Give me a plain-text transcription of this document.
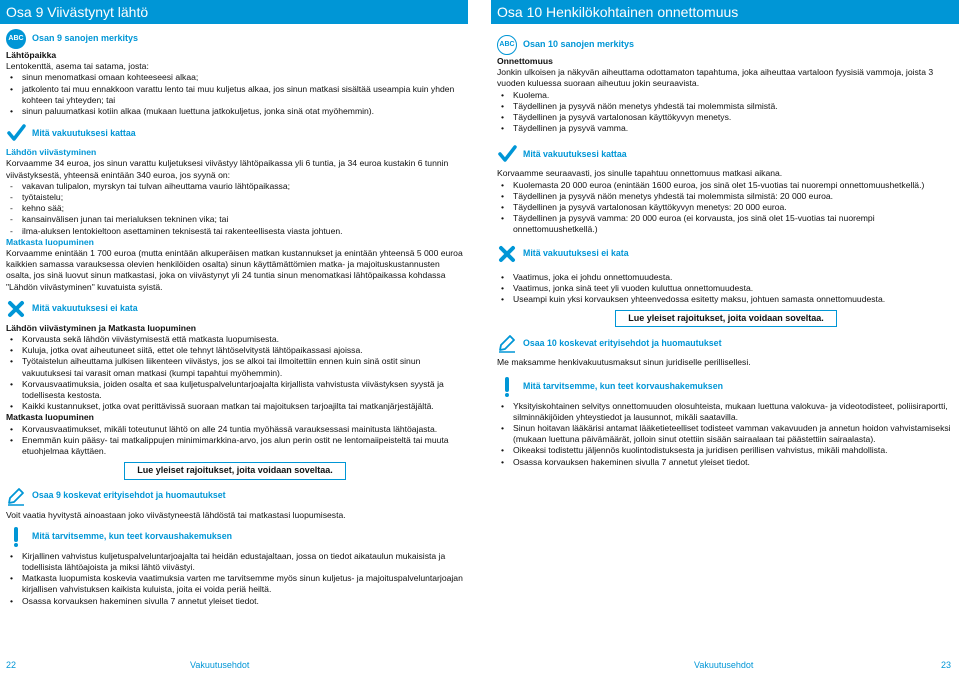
Osa 9 Viivästynyt lähtö
ABC Osan 9 sanojen merkitys
Lähtöpaikka

Lentokenttä, asema tai satama, josta:

• sinun menomatkasi omaan kohteeseesi alkaa;
• jatkolento tai muu ennakkoon varattu lento tai muu kuljetus alkaa, jos sinun matkasi sisältää useampia kuin yhden kohteen tai yhteyden; tai
• sinun paluumatkasi kotiin alkaa (mukaan luettuna jatkokuljetus, jonka sinä otat myöhemmin).
Mitä vakuutuksesi kattaa
Lähdön viivästyminen

Korvaamme 34 euroa, jos sinun varattu kuljetuksesi viivästyy lähtöpaikassa yli 6 tuntia, ja 34 euroa kustakin 6 tunnin viivästyksestä, yhteensä enintään 340 euroa, jos syynä on:

- vakavan tulipalon, myrskyn tai tulvan aiheuttama vaurio lähtöpaikassa;
- työtaistelu;
- kehno sää;
- kansainvälisen junan tai merialuksen tekninen vika; tai
- ilma-aluksen lentokieltoon asettaminen teknisestä tai rakenteellisesta viasta johtuen.
Matkasta luopuminen

Korvaamme enintään 1 700 euroa (mutta enintään alkuperäisen matkan kustannukset ja enintään yhteensä 5 000 euroa kaikkien samassa varauksessa olevien henkilöiden osalta) sinun käyttämättömien matka- ja majoituskustannusten osalta, jos sinä luovut sinun matkastasi, joka on viivästynyt yli 24 tuntia sinun menomatkasi lähtöpaikassa kohdassa "Lähdön viivästyminen" kuvatuista syistä.

Mitä vakuutuksesi ei kata
Lähdön viivästyminen ja Matkasta luopuminen
• Korvausta sekä lähdön viivästymisestä että matkasta luopumisesta.
• Kuluja, jotka ovat aiheutuneet siitä, ettet ole tehnyt lähtöselvitystä lähtöpaikassasi ajoissa.
• Työtaistelun aiheuttama julkisen liikenteen viivästys, jos se alkoi tai ilmoitettiin ennen kuin sinä ostit sinun vakuutuksesi tai varasit oman matkasi (kumpi tapahtui myöhemmin).
• Korvausvaatimuksia, joiden osalta et saa kuljetuspalveluntarjoajalta kirjallista vahvistusta viivästyksen syystä ja todellisesta kestosta.
• Kaikki kustannukset, jotka ovat perittävissä suoraan matkan tai majoituksen tarjoajilta tai matkanjärjestäjältä.
Matkasta luopuminen
• Korvausvaatimukset, mikäli toteutunut lähtö on alle 24 tuntia myöhässä varauksessasi mainitusta lähtöajasta.
• Enemmän kuin pääsy- tai matkalippujen minimimarkkina-arvo, jos alun perin ostit ne lentomaiipeisteltä tai muuta etuohjelmaa käyttäen.
Lue yleiset rajoitukset, joita voidaan soveltaa.
Osaa 9 koskevat erityisehdot ja huomautukset

Voit vaatia hyvitystä ainoastaan joko viivästyneestä lähdöstä tai matkastasi luopumisesta.

Mitä tarvitsemme, kun teet korvaushakemuksen
• Kirjallinen vahvistus kuljetuspalveluntarjoajalta tai heidän edustajaltaan, jossa on tiedot aikataulun mukaisista ja todellisista lähtöajoista ja miksi lähtö viivästyi.
• Matkasta luopumista koskevia vaatimuksia varten me tarvitsemme myös sinun kuljetus- ja majoituspalveluntarjoajan kirjallisen vahvistuksen kaikista kuluista, joita ei voida periä heiltä.
• Osassa korvauksen hakeminen sivulla 7 annetut yleiset tiedot.
22	Vakuutusehdot
Osa 10 Henkilökohtainen onnettomuus
ABC Osan 10 sanojen merkitys
Onnettomuus

Jonkin ulkoisen ja näkyvän aiheuttama odottamaton tapahtuma, joka aiheuttaa vartaloon fyysisiä vammoja, joista 3 vuoden kuluessa suoraan aiheutuu jokin seuraavista.

• Kuolema.
• Täydellinen ja pysyvä näön menetys yhdestä tai molemmista silmistä.
• Täydellinen ja pysyvä vartalonosan käyttökyvyn menetys.
• Täydellinen ja pysyvä vamma.
Mitä vakuutuksesi kattaa

Korvaamme seuraavasti, jos sinulle tapahtuu onnettomuus matkasi aikana.

• Kuolemasta 20 000 euroa (enintään 1600 euroa, jos sinä olet 15-vuotias tai nuorempi onnettomuushetkellä.)
• Täydellinen ja pysyvä näön menetys yhdestä tai molemmista silmistä: 20 000 euroa.
• Täydellinen ja pysyvä vartalonosan käyttökyvyn menetys: 20 000 euroa.
• Täydellinen ja pysyvä vamma: 20 000 euroa (ei korvausta, jos sinä olet 15-vuotias tai nuorempi onnettomuushetkellä.)
Mitä vakuutuksesi ei kata
• Vaatimus, joka ei johdu onnettomuudesta.
• Vaatimus, jonka sinä teet yli vuoden kuluttua onnettomuudesta.
• Useampi kuin yksi korvauksen yhteenvedossa esitetty maksu, johtuen samasta onnettomuudesta.
Lue yleiset rajoitukset, joita voidaan soveltaa.
Osaa 10 koskevat erityisehdot ja huomautukset

Me maksamme henkivakuutusmaksut sinun juridiselle perillisellesi.

Mitä tarvitsemme, kun teet korvaushakemuksen
• Yksityiskohtainen selvitys onnettomuuden olosuhteista, mukaan luettuna valokuva- ja videotodisteet, poliisiraportti, silminnäkijöiden yhteystiedot ja lausunnot, mikäli saatavilla.
• Sinun hoitavan lääkärisi antamat lääketieteelliset todisteet vamman vakavuuden ja annetun hoidon vahvistamiseksi (mukaan luettuna päivämäärät, jolloin sinut otettiin sisään sairaalaan tai päästettiin sairaalasta).
• Oikeaksi todistettu jäljennös kuolintodistuksesta ja juridisen perillisen vahvistus, mikäli mahdollista.
• Osassa korvauksen hakeminen sivulla 7 annetut yleiset tiedot.
Vakuutusehdot	23
